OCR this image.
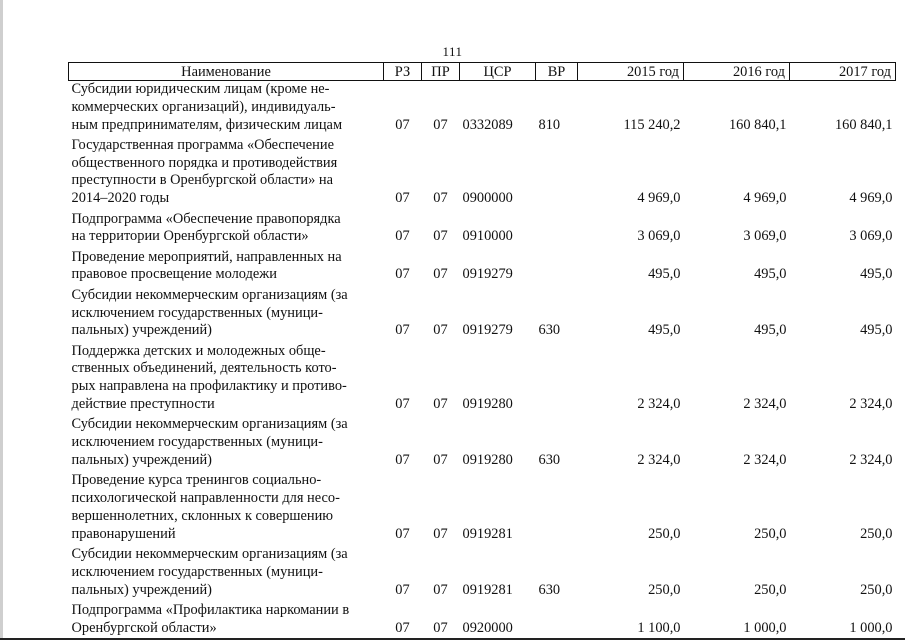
111
Наименование	РЗ	ПР	ЦСР	ВР	2015 год	2016 год	2017 год

Субсидии юридическим лицам (кроме не-
коммерческих организаций), индивидуаль-
ным предпринимателям, физическим лицам	07	07	0332089	810	115 240,2	160 840,1	160 840,1

Государственная программа «Обеспечение
общественного порядка и противодействия
преступности в Оренбургской области» на
2014–2020 годы	07	07	0900000		4 969,0	4 969,0	4 969,0

Подпрограмма «Обеспечение правопорядка
на территории Оренбургской области»	07	07	0910000		3 069,0	3 069,0	3 069,0

Проведение мероприятий, направленных на
правовое просвещение молодежи	07	07	0919279		495,0	495,0	495,0

Субсидии некоммерческим организациям (за
исключением государственных (муници-
пальных) учреждений)	07	07	0919279	630	495,0	495,0	495,0

Поддержка детских и молодежных обще-
ственных объединений, деятельность кото-
рых направлена на профилактику и противо-
действие преступности	07	07	0919280		2 324,0	2 324,0	2 324,0

Субсидии некоммерческим организациям (за
исключением государственных (муници-
пальных) учреждений)	07	07	0919280	630	2 324,0	2 324,0	2 324,0

Проведение курса тренингов социально-
психологической направленности для несо-
вершеннолетних, склонных к совершению
правонарушений	07	07	0919281		250,0	250,0	250,0

Субсидии некоммерческим организациям (за
исключением государственных (муници-
пальных) учреждений)	07	07	0919281	630	250,0	250,0	250,0

Подпрограмма «Профилактика наркомании в
Оренбургской области»	07	07	0920000		1 100,0	1 000,0	1 000,0
